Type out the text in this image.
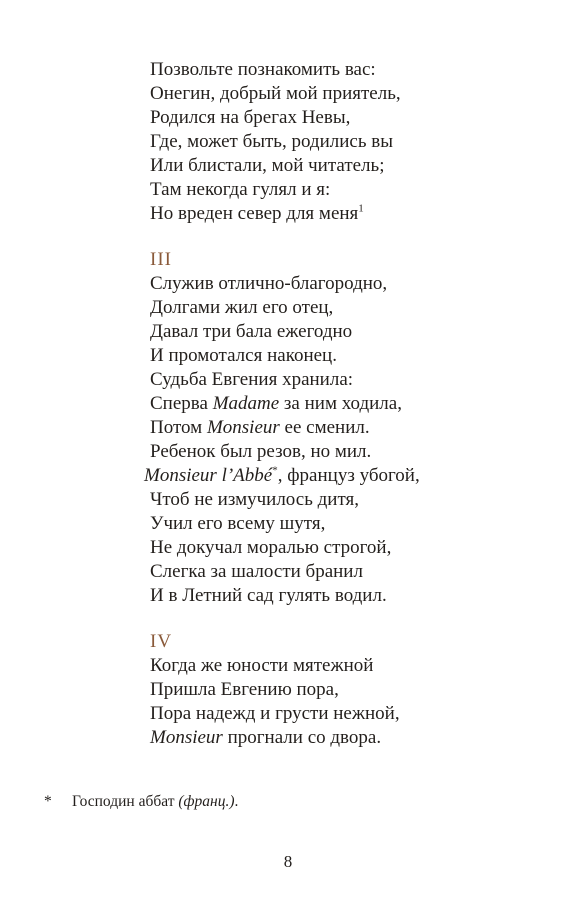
Позвольте познакомить вас:
Онегин, добрый мой приятель,
Родился на брегах Невы,
Где, может быть, родились вы
Или блистали, мой читатель;
Там некогда гулял и я:
Но вреден север для меня$^1$
III
Служив отлично-благородно,
Долгами жил его отец,
Давал три бала ежегодно
И промотался наконец.
Судьба Евгения хранила:
Сперва Madame за ним ходила,
Потом Monsieur ее сменил.
Ребенок был резов, но мил.
Monsieur l’Abbé*, француз убогой,
Чтоб не измучилось дитя,
Учил его всему шутя,
Не докучал моралью строгой,
Слегка за шалости бранил
И в Летний сад гулять водил.
IV
Когда же юности мятежной
Пришла Евгению пора,
Пора надежд и грусти нежной,
Monsieur прогнали со двора.
* Господин аббат (франц.).
8
